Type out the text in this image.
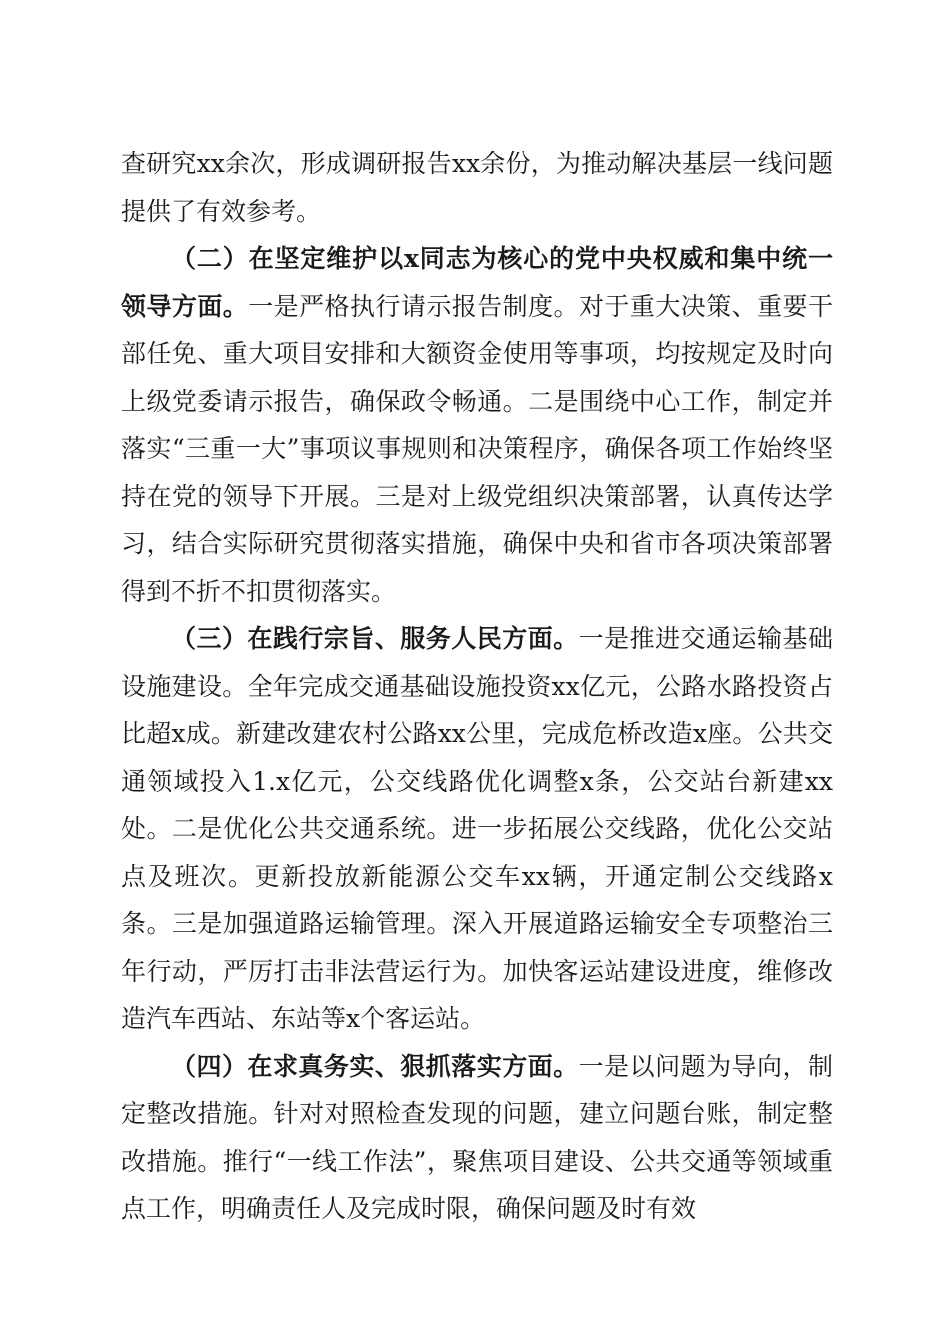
查研究xx余次，形成调研报告xx余份，为推动解决基层一线问题提供了有效参考。

（二）在坚定维护以x同志为核心的党中央权威和集中统一领导方面。一是严格执行请示报告制度。对于重大决策、重要干部任免、重大项目安排和大额资金使用等事项，均按规定及时向上级党委请示报告，确保政令畅通。二是围绕中心工作，制定并落实“三重一大”事项议事规则和决策程序，确保各项工作始终坚持在党的领导下开展。三是对上级党组织决策部署，认真传达学习，结合实际研究贯彻落实措施，确保中央和省市各项决策部署得到不折不扣贯彻落实。

（三）在践行宗旨、服务人民方面。一是推进交通运输基础设施建设。全年完成交通基础设施投资xx亿元，公路水路投资占比超x成。新建改建农村公路xx公里，完成危桥改造x座。公共交通领域投入1.x亿元，公交线路优化调整x条，公交站台新建xx处。二是优化公共交通系统。进一步拓展公交线路，优化公交站点及班次。更新投放新能源公交车xx辆，开通定制公交线路x条。三是加强道路运输管理。深入开展道路运输安全专项整治三年行动，严厉打击非法营运行为。加快客运站建设进度，维修改造汽车西站、东站等x个客运站。

（四）在求真务实、狠抓落实方面。一是以问题为导向，制定整改措施。针对对照检查发现的问题，建立问题台账，制定整改措施。推行“一线工作法”，聚焦项目建设、公共交通等领域重点工作，明确责任人及完成时限，确保问题及时有效
